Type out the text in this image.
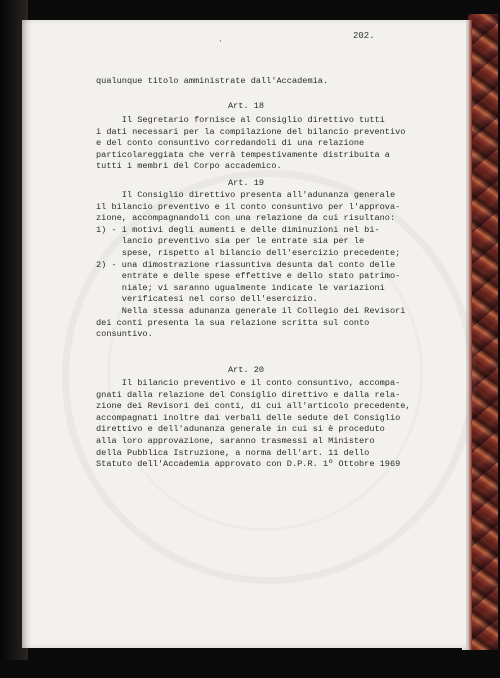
·
202.
qualunque titolo amministrate dall'Accademia.
Art. 18
Il Segretario fornisce al Consiglio direttivo tutti
i dati necessari per la compilazione del bilancio preventivo
e del conto consuntivo corredandoli di una relazione
particolareggiata che verrà tempestivamente distribuita a
tutti i membri del Corpo accademico.
Art. 19
Il Consiglio direttivo presenta all'adunanza generale
il bilancio preventivo e il conto consuntivo per l'approva-
zione, accompagnandoli con una relazione da cui risultano:
1) - i motivi degli aumenti e delle diminuzioni nel bi-
lancio preventivo sia per le entrate sia per le
spese, rispetto al bilancio dell'esercizio precedente;
2) - una dimostrazione riassuntiva desunta dal conto delle
entrate e delle spese effettive e dello stato patrimo-
niale; vi saranno ugualmente indicate le variazioni
verificatesi nel corso dell'esercizio.
Nella stessa adunanza generale il Collegio dei Revisori
dei conti presenta la sua relazione scritta sul conto
consuntivo.
Art. 20
Il bilancio preventivo e il conto consuntivo, accompa-
gnati dalla relazione del Consiglio direttivo e dalla rela-
zione dei Revisori dei conti, di cui all'articolo precedente,
accompagnati inoltre dai verbali delle sedute del Consiglio
direttivo e dell'adunanza generale in cui si è proceduto
alla loro approvazione, saranno trasmessi al Ministero
della Pubblica Istruzione, a norma dell'art. 11 dello
Statuto dell'Accademia approvato con D.P.R. 1º Ottobre 1969
